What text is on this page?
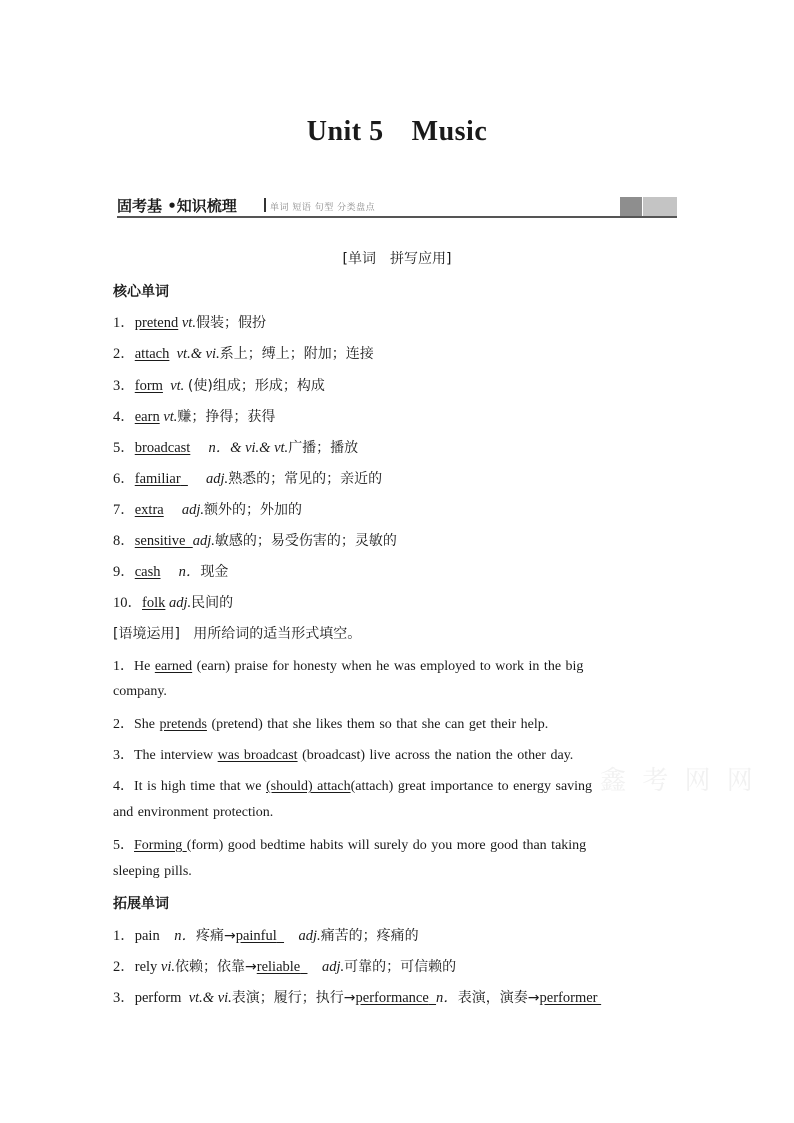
鑫 考 网 网
Unit 5 Music
固考基 •知识梳理	单词 短语 句型 分类盘点
[单词 拼写应用]
核心单词
1．pretend vt.假装；假扮
2．attach vt.& vi.系上；缚上；附加；连接
3．form vt. (使)组成；形成；构成
4．earn vt.赚；挣得；获得
5．broadcast n．& vi.& vt.广播；播放
6．familiar adj.熟悉的；常见的；亲近的
7．extra adj.额外的；外加的
8．sensitive adj.敏感的；易受伤害的；灵敏的
9．cash n．现金
10．folk adj.民间的
[语境运用] 用所给词的适当形式填空。
1．He earned (earn) praise for honesty when he was employed to work in the big
company.
2．She pretends (pretend) that she likes them so that she can get their help.
3．The interview was broadcast (broadcast) live across the nation the other day.
4．It is high time that we (should) attach(attach) great importance to energy saving
and environment protection.
5．Forming (form) good bedtime habits will surely do you more good than taking
sleeping pills.
拓展单词
1．pain n．疼痛→painful adj.痛苦的；疼痛的
2．rely vi.依赖；依靠→reliable adj.可靠的；可信赖的
3．perform vt.& vi.表演；履行；执行→performance n．表演，演奏→performer
